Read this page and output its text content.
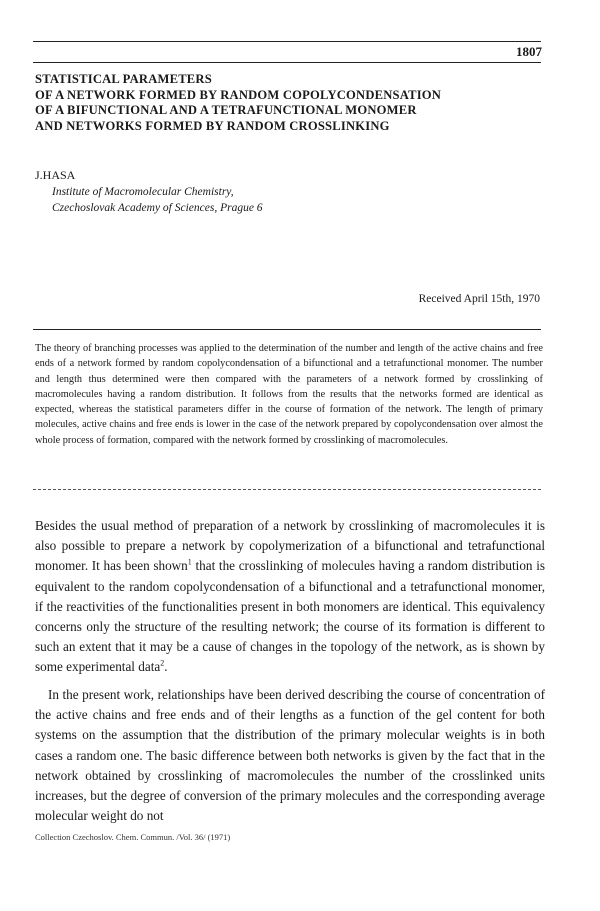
1807
STATISTICAL PARAMETERS
OF A NETWORK FORMED BY RANDOM COPOLYCONDENSATION
OF A BIFUNCTIONAL AND A TETRAFUNCTIONAL MONOMER
AND NETWORKS FORMED BY RANDOM CROSSLINKING
J.HASA
Institute of Macromolecular Chemistry,
Czechoslovak Academy of Sciences, Prague 6
Received April 15th, 1970

The theory of branching processes was applied to the determination of the number and length of the active chains and free ends of a network formed by random copolycondensation of a bifunctional and a tetrafunctional monomer. The number and length thus determined were then compared with the parameters of a network formed by crosslinking of macromolecules having a random distribution. It follows from the results that the networks formed are identical as expected, whereas the statistical parameters differ in the course of formation of the network. The length of primary molecules, active chains and free ends is lower in the case of the network prepared by copolycondensation over almost the whole process of formation, compared with the network formed by crosslinking of macromolecules.

Besides the usual method of preparation of a network by crosslinking of macromolecules it is also possible to prepare a network by copolymerization of a bifunctional and tetrafunctional monomer. It has been shown$^1$ that the crosslinking of molecules having a random distribution is equivalent to the random copolycondensation of a bifunctional and a tetrafunctional monomer, if the reactivities of the functionalities present in both monomers are identical. This equivalency concerns only the structure of the resulting network; the course of its formation is different to such an extent that it may be a cause of changes in the topology of the network, as is shown by some experimental data$^2$.

In the present work, relationships have been derived describing the course of concentration of the active chains and free ends and of their lengths as a function of the gel content for both systems on the assumption that the distribution of the primary molecular weights is in both cases a random one. The basic difference between both networks is given by the fact that in the network obtained by crosslinking of macromolecules the number of the crosslinked units increases, but the degree of conversion of the primary molecules and the corresponding average molecular weight do not

Collection Czechoslov. Chem. Commun. /Vol. 36/ (1971)
